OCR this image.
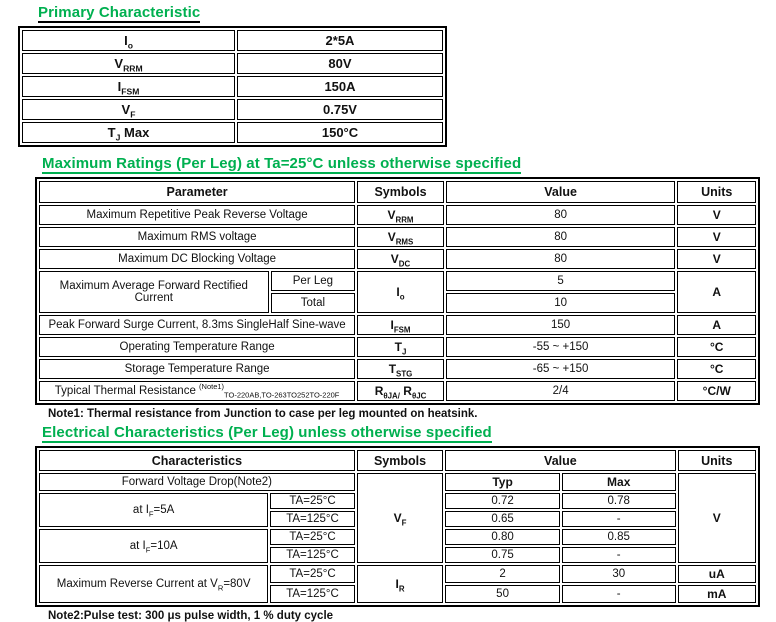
Primary Characteristic
$I_o$	2*5A
$V_{RRM}$	80V
$I_{FSM}$	150A
$V_F$	0.75V
$T_J$ Max	150°C
Maximum Ratings (Per Leg) at Ta=25°C unless otherwise specified
Parameter		Symbols	Value	Units
Maximum Repetitive Peak Reverse Voltage		$V_{RRM}$	80	V
Maximum RMS voltage		$V_{RMS}$	80	V
Maximum DC Blocking Voltage		$V_{DC}$	80	V
Maximum Average Forward Rectified Current	Per Leg	$I_o$	5	A
	Total		10	
Peak Forward Surge Current, 8.3ms SingleHalf Sine-wave		$I_{FSM}$	150	A
Operating Temperature Range		$T_J$	-55 ~ +150	°C
Storage Temperature Range		$T_{STG}$	-65 ~ +150	°C
Typical Thermal Resistance $^{(Note1)}_{TO-220AB,TO-263TO252TO-220F}$		$R_{\theta JA/}$ $R_{\theta JC}$	2/4	°C/W

Note1: Thermal resistance from Junction to case per leg mounted on heatsink.

Electrical Characteristics (Per Leg) unless otherwise specified
Characteristics		Symbols	Value		Units
Forward Voltage Drop(Note2)		$V_F$	Typ	Max	V
at $I_F=5A$	TA=25°C		0.72	0.78	
	TA=125°C		0.65	-	
at $I_F=10A$	TA=25°C		0.80	0.85	
	TA=125°C		0.75	-	
Maximum Reverse Current at $V_R=80V$	TA=25°C	$I_R$	2	30	uA
	TA=125°C		50	-	mA

Note2:Pulse test: 300 μs pulse width, 1 % duty cycle
